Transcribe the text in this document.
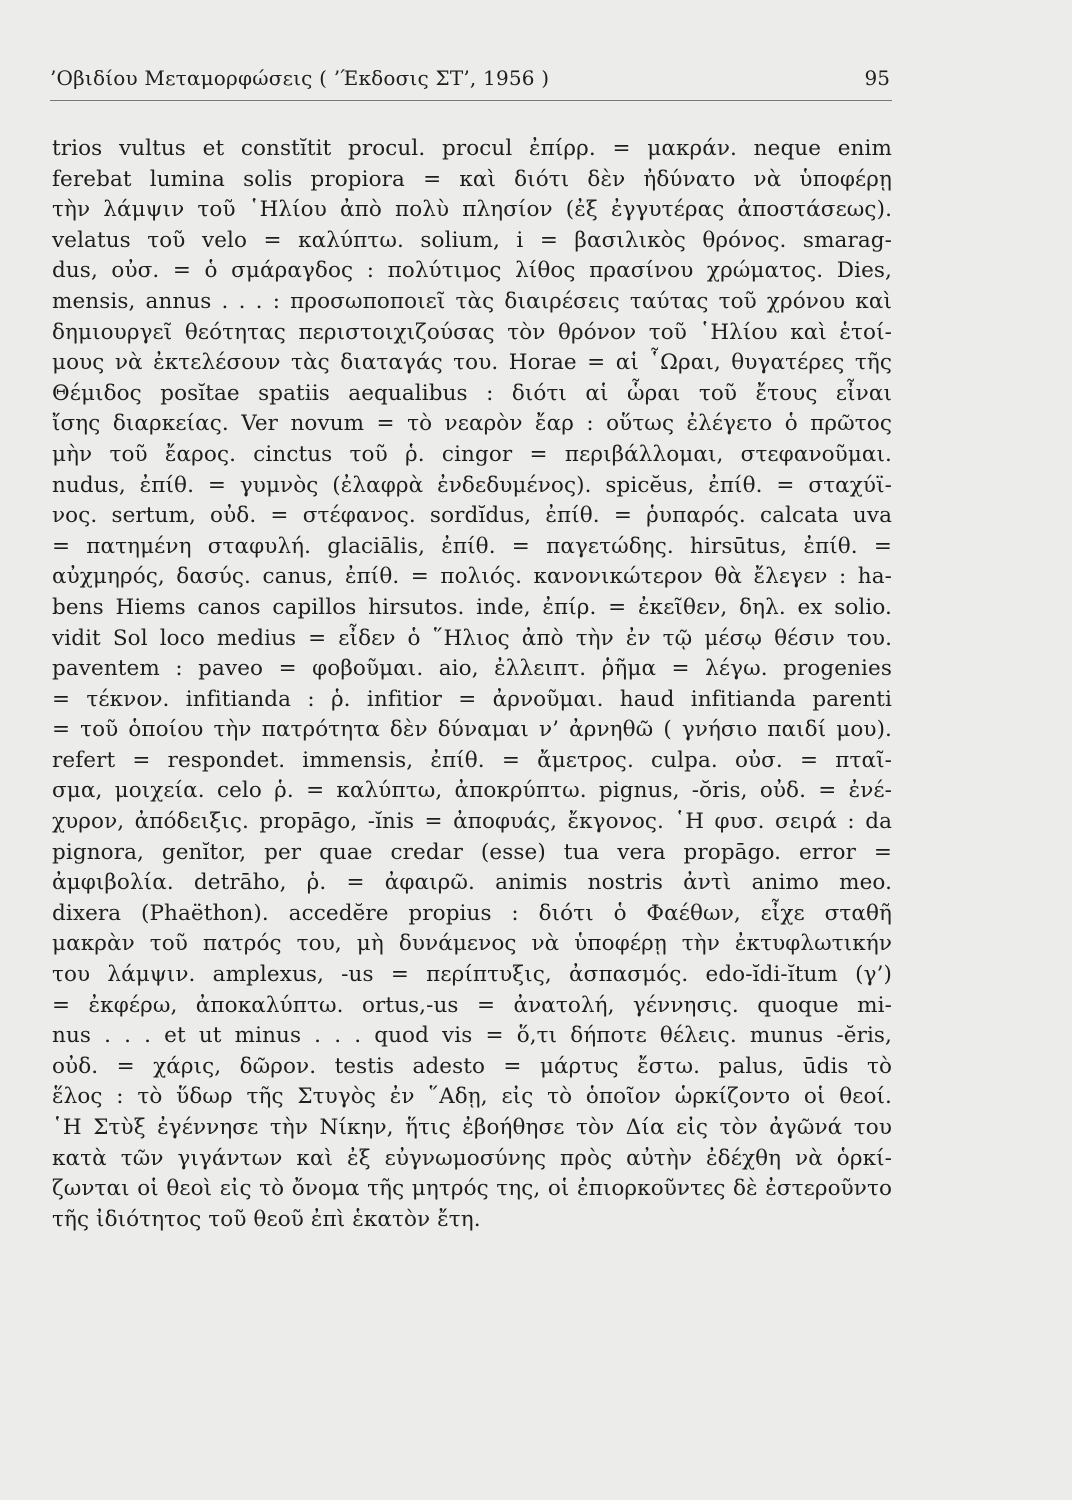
’Οβιδίου Μεταμορφώσεις ( ’Έκδοσις ΣΤ’, 1956 )	95
trios vultus et constĭtit procul. procul ἐπίρρ. = μακράν. neque enim
ferebat lumina solis propiora = καὶ διότι δὲν ἠδύνατο νὰ ὑποφέρῃ
τὴν λάμψιν τοῦ ῾Ηλίου ἀπὸ πολὺ πλησίον (ἐξ ἐγγυτέρας ἀποστάσεως).
velatus τοῦ velo = καλύπτω. solium, i = βασιλικὸς θρόνος. smarag-
dus, οὐσ. = ὁ σμάραγδος : πολύτιμος λίθος πρασίνου χρώματος. Dies,
mensis, annus . . . : προσωποποιεῖ τὰς διαιρέσεις ταύτας τοῦ χρόνου καὶ
δημιουργεῖ θεότητας περιστοιχιζούσας τὸν θρόνον τοῦ ῾Ηλίου καὶ ἑτοί-
μους νὰ ἐκτελέσουν τὰς διαταγάς του. Horae = αἱ ῟Ωραι, θυγατέρες τῆς
Θέμιδος posĭtae spatiis aequalibus : διότι αἱ ὧραι τοῦ ἔτους εἶναι
ἴσης διαρκείας. Ver novum = τὸ νεαρὸν ἔαρ : οὕτως ἐλέγετο ὁ πρῶτος
μὴν τοῦ ἔαρος. cinctus τοῦ ῥ. cingor = περιβάλλομαι, στεφανοῦμαι.
nudus, ἐπίθ. = γυμνὸς (ἐλαφρὰ ἐνδεδυμένος). spicĕus, ἐπίθ. = σταχύϊ-
νος. sertum, οὐδ. = στέφανος. sordĭdus, ἐπίθ. = ῥυπαρός. calcata uva
= πατημένη σταφυλή. glaciālis, ἐπίθ. = παγετώδης. hirsūtus, ἐπίθ. =
αὐχμηρός, δασύς. canus, ἐπίθ. = πολιός. κανονικώτερον θὰ ἔλεγεν : ha-
bens Hiems canos capillos hirsutos. inde, ἐπίρ. = ἐκεῖθεν, δηλ. ex solio.
vidit Sol loco medius = εἶδεν ὁ ῞Ηλιος ἀπὸ τὴν ἐν τῷ μέσῳ θέσιν του.
paventem : paveo = φοβοῦμαι. aio, ἐλλειπτ. ῥῆμα = λέγω. progenies
= τέκνον. infitianda : ῥ. infitior = ἀρνοῦμαι. haud infitianda parenti
= τοῦ ὁποίου τὴν πατρότητα δὲν δύναμαι ν’ ἀρνηθῶ ( γνήσιο παιδί μου).
refert = respondet. immensis, ἐπίθ. = ἄμετρος. culpa. οὐσ. = πταῖ-
σμα, μοιχεία. celo ῥ. = καλύπτω, ἀποκρύπτω. pignus, -ŏris, οὐδ. = ἐνέ-
χυρον, ἀπόδειξις. propāgo, -ĭnis = ἀποφυάς, ἔκγονος. ῾Η φυσ. σειρά : da
pignora, genĭtor, per quae credar (esse) tua vera propāgo. error =
ἀμφιβολία. detrāho, ῥ. = ἀφαιρῶ. animis nostris ἀντὶ animo meo.
dixera (Phaëthon). accedĕre propius : διότι ὁ Φαέθων, εἶχε σταθῆ
μακρὰν τοῦ πατρός του, μὴ δυνάμενος νὰ ὑποφέρῃ τὴν ἐκτυφλωτικήν
του λάμψιν. amplexus, -us = περίπτυξις, ἀσπασμός. edo-ĭdi-ĭtum (γ’)
= ἐκφέρω, ἀποκαλύπτω. ortus,-us = ἀνατολή, γέννησις. quoque mi-
nus . . . et ut minus . . . quod vis = ὅ,τι δήποτε θέλεις. munus -ĕris,
οὐδ. = χάρις, δῶρον. testis adesto = μάρτυς ἔστω. palus, ūdis τὸ
ἕλος : τὸ ὕδωρ τῆς Στυγὸς ἐν ῞Αδῃ, εἰς τὸ ὁποῖον ὡρκίζοντο οἱ θεοί.
῾Η Στὺξ ἐγέννησε τὴν Νίκην, ἥτις ἐβοήθησε τὸν Δία εἰς τὸν ἀγῶνά του
κατὰ τῶν γιγάντων καὶ ἐξ εὐγνωμοσύνης πρὸς αὐτὴν ἐδέχθη νὰ ὁρκί-
ζωνται οἱ θεοὶ εἰς τὸ ὄνομα τῆς μητρός της, οἱ ἐπιορκοῦντες δὲ ἐστεροῦντο
τῆς ἰδιότητος τοῦ θεοῦ ἐπὶ ἑκατὸν ἔτη.
